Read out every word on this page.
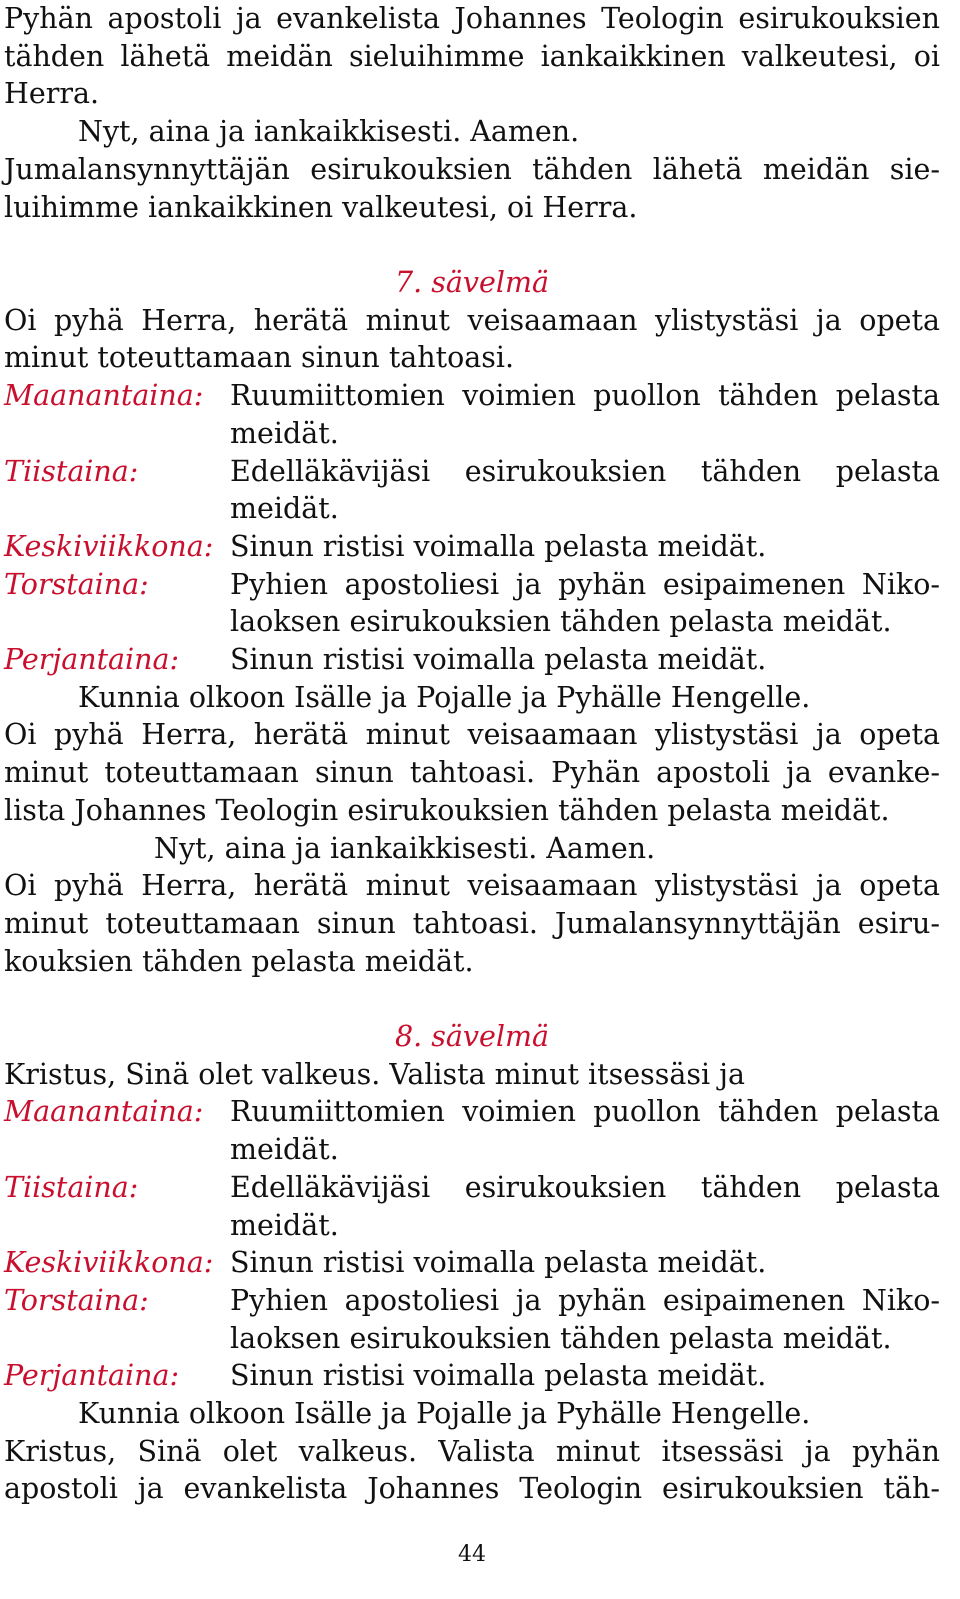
Pyhän apostoli ja evankelista Johannes Teologin esirukouksien
tähden lähetä meidän sieluihimme iankaikkinen valkeutesi, oi
Herra.
Nyt, aina ja iankaikkisesti. Aamen.
Jumalansynnyttäjän esirukouksien tähden lähetä meidän sie-
luihimme iankaikkinen valkeutesi, oi Herra.
7. sävelmä
Oi pyhä Herra, herätä minut veisaamaan ylistystäsi ja opeta
minut toteuttamaan sinun tahtoasi.
Maanantaina: Ruumiittomien voimien puollon tähden pelasta
meidät.
Tiistaina:	Edelläkävijäsi esirukouksien tähden pelasta
meidät.
Keskiviikkona: Sinun ristisi voimalla pelasta meidät.
Torstaina:	Pyhien apostoliesi ja pyhän esipaimenen Niko-
laoksen esirukouksien tähden pelasta meidät.
Perjantaina: Sinun ristisi voimalla pelasta meidät.
Kunnia olkoon Isälle ja Pojalle ja Pyhälle Hengelle.
Oi pyhä Herra, herätä minut veisaamaan ylistystäsi ja opeta
minut toteuttamaan sinun tahtoasi. Pyhän apostoli ja evanke-
lista Johannes Teologin esirukouksien tähden pelasta meidät.
Nyt, aina ja iankaikkisesti. Aamen.
Oi pyhä Herra, herätä minut veisaamaan ylistystäsi ja opeta
minut toteuttamaan sinun tahtoasi. Jumalansynnyttäjän esiru-
kouksien tähden pelasta meidät.
8. sävelmä
Kristus, Sinä olet valkeus. Valista minut itsessäsi ja
Maanantaina: Ruumiittomien voimien puollon tähden pelasta
meidät.
Tiistaina:	Edelläkävijäsi esirukouksien tähden pelasta
meidät.
Keskiviikkona: Sinun ristisi voimalla pelasta meidät.
Torstaina:	Pyhien apostoliesi ja pyhän esipaimenen Niko-
laoksen esirukouksien tähden pelasta meidät.
Perjantaina: Sinun ristisi voimalla pelasta meidät.
Kunnia olkoon Isälle ja Pojalle ja Pyhälle Hengelle.
Kristus, Sinä olet valkeus. Valista minut itsessäsi ja pyhän
apostoli ja evankelista Johannes Teologin esirukouksien täh-
44
